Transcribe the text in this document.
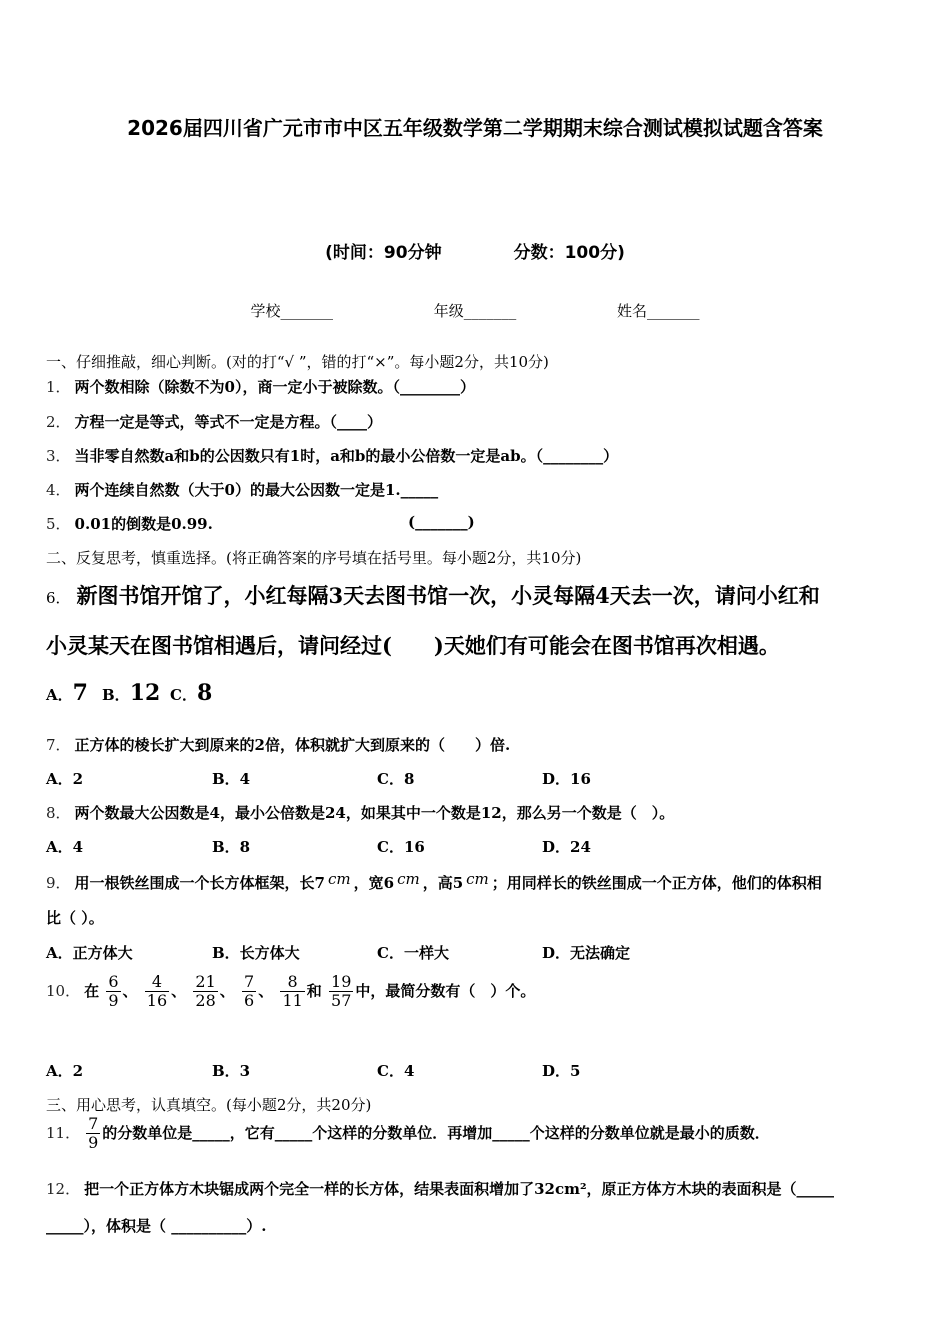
2026届四川省广元市市中区五年级数学第二学期期末综合测试模拟试题含答案
(时间：90分钟	分数：100分)
学校_______	年级_______	姓名_______
一、仔细推敲，细心判断。(对的打“√ ”，错的打“×”。每小题2分，共10分)
1． 两个数相除（除数不为0），商一定小于被除数。（________）
2． 方程一定是等式，等式不一定是方程。（____）
3． 当非零自然数a和b的公因数只有1时，a和b的最小公倍数一定是ab。（________）
4． 两个连续自然数（大于0）的最大公因数一定是1._____
5． 0.01的倒数是0.99.	(_______)
二、反复思考，慎重选择。(将正确答案的序号填在括号里。每小题2分，共10分)
6． 新图书馆开馆了，小红每隔3天去图书馆一次，小灵每隔4天去一次，请问小红和
小灵某天在图书馆相遇后，请问经过(　　)天她们有可能会在图书馆再次相遇。
A．7 B．12 C．8
7． 正方体的棱长扩大到原来的2倍，体积就扩大到原来的（　　）倍.
A．2	B．4	C．8	D．16
8． 两个数最大公因数是4，最小公倍数是24，如果其中一个数是12，那么另一个数是（　）。
A．4	B．8	C．16	D．24
9． 用一根铁丝围成一个长方体框架，长7 cm ，宽6 cm ，高5 cm ；用同样长的铁丝围成一个正方体，他们的体积相
比（ ）。
A．正方体大	B．长方体大	C．一样大	D．无法确定
10． 在 $\frac{6}{9}$ 、 $\frac{4}{16}$ 、 $\frac{21}{28}$ 、 $\frac{7}{6}$ 、 $\frac{8}{11}$ 和 $\frac{19}{57}$ 中，最简分数有（　）个。
A．2	B．3	C．4	D．5
三、用心思考，认真填空。(每小题2分，共20分)
11． $\frac{7}{9}$ 的分数单位是_____，它有_____个这样的分数单位．再增加_____个这样的分数单位就是最小的质数．
12． 把一个正方体方木块锯成两个完全一样的长方体，结果表面积增加了32cm²，原正方体方木块的表面积是（_____
_____），体积是（ __________）.
